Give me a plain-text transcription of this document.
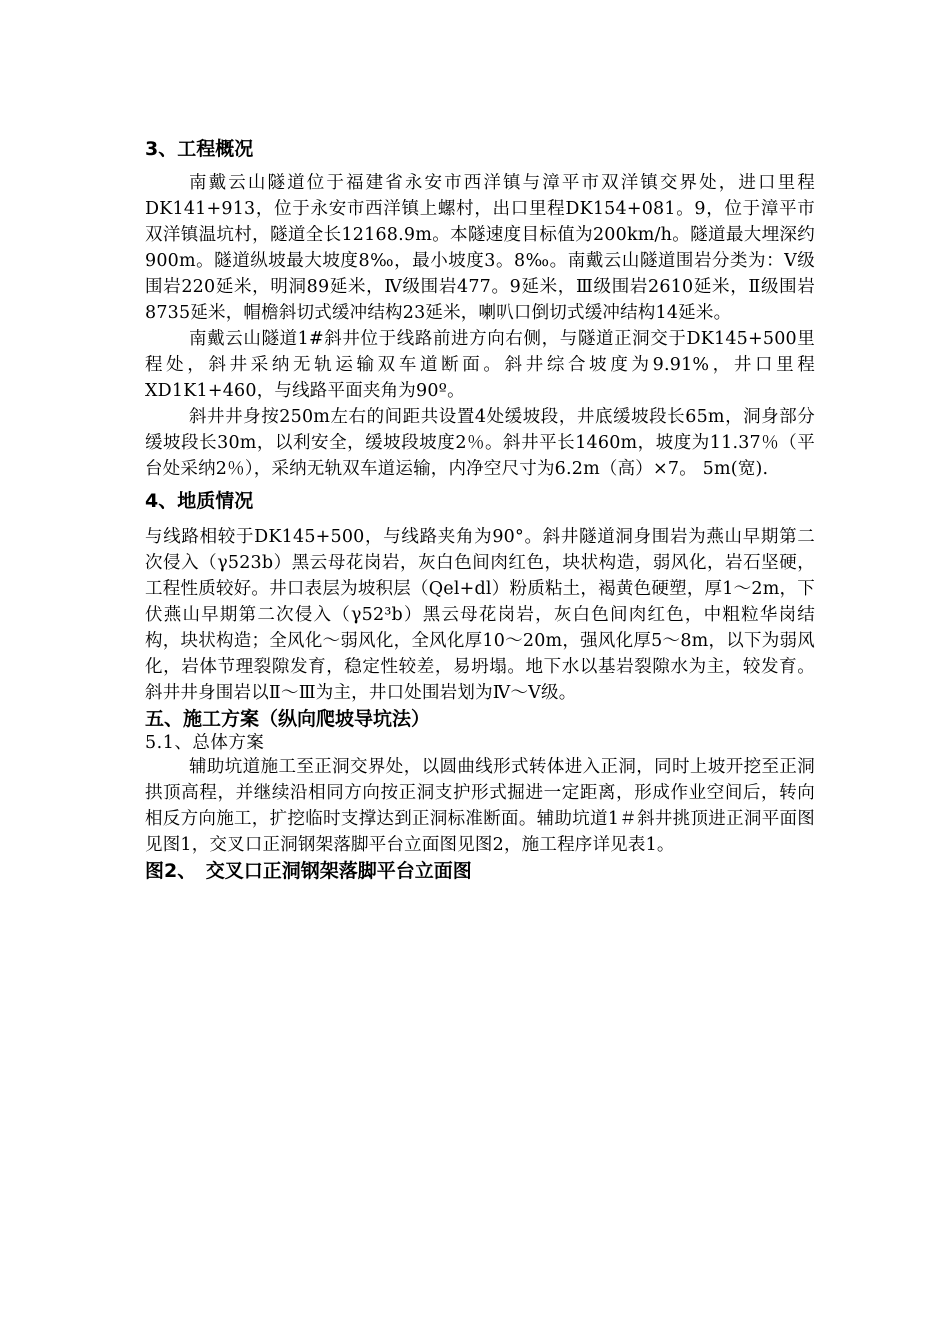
3、工程概况

南戴云山隧道位于福建省永安市西洋镇与漳平市双洋镇交界处，进口里程DK141+913，位于永安市西洋镇上螺村，出口里程DK154+081。9，位于漳平市双洋镇温坑村，隧道全长12168.9m。本隧速度目标值为200km/h。隧道最大埋深约900m。隧道纵坡最大坡度8‰，最小坡度3。8‰。南戴云山隧道围岩分类为：Ⅴ级围岩220延米，明洞89延米，Ⅳ级围岩477。9延米，Ⅲ级围岩2610延米，Ⅱ级围岩8735延米，帽檐斜切式缓冲结构23延米，喇叭口倒切式缓冲结构14延米。

南戴云山隧道1#斜井位于线路前进方向右侧，与隧道正洞交于DK145+500里程处，斜井采纳无轨运输双车道断面。斜井综合坡度为9.91%，井口里程XD1K1+460，与线路平面夹角为90º。

斜井井身按250m左右的间距共设置4处缓坡段，井底缓坡段长65m，洞身部分缓坡段长30m，以利安全，缓坡段坡度2％。斜井平长1460m，坡度为11.37％（平台处采纳2％），采纳无轨双车道运输，内净空尺寸为6.2m（高）×7。 5m(宽).

4、地质情况

与线路相较于DK145+500，与线路夹角为90°。斜井隧道洞身围岩为燕山早期第二次侵入（γ523b）黑云母花岗岩，灰白色间肉红色，块状构造，弱风化，岩石坚硬，工程性质较好。井口表层为坡积层（Qel+dl）粉质粘土，褐黄色硬塑，厚1～2m，下伏燕山早期第二次侵入（γ52³b）黑云母花岗岩，灰白色间肉红色，中粗粒华岗结构，块状构造；全风化～弱风化，全风化厚10～20m，强风化厚5～8m，以下为弱风化，岩体节理裂隙发育，稳定性较差，易坍塌。地下水以基岩裂隙水为主，较发育。斜井井身围岩以Ⅱ～Ⅲ为主，井口处围岩划为Ⅳ～Ⅴ级。

五、施工方案（纵向爬坡导坑法）

5.1、总体方案

辅助坑道施工至正洞交界处，以圆曲线形式转体进入正洞，同时上坡开挖至正洞拱顶高程，并继续沿相同方向按正洞支护形式掘进一定距离，形成作业空间后，转向相反方向施工，扩挖临时支撑达到正洞标准断面。辅助坑道1＃斜井挑顶进正洞平面图见图1，交叉口正洞钢架落脚平台立面图见图2，施工程序详见表1。

图2、　交叉口正洞钢架落脚平台立面图
